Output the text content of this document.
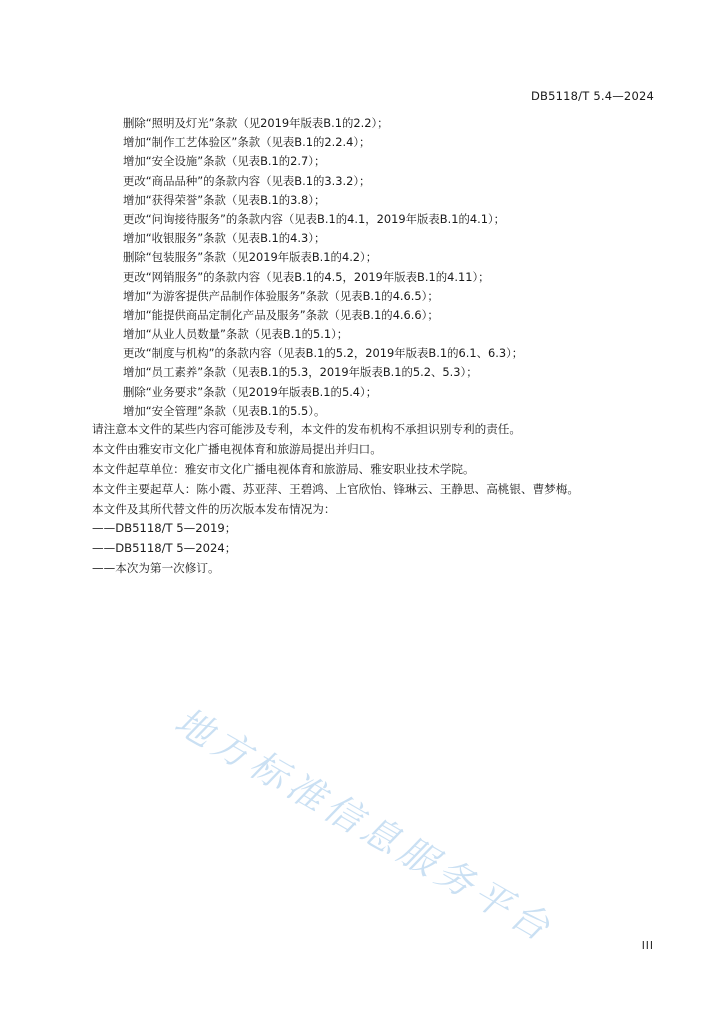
DB5118/T 5.4—2024
删除“照明及灯光”条款（见2019年版表B.1的2.2）；
增加“制作工艺体验区”条款（见表B.1的2.2.4）；
增加“安全设施”条款（见表B.1的2.7）；
更改“商品品种”的条款内容（见表B.1的3.3.2）；
增加“获得荣誉”条款（见表B.1的3.8）；
更改“问询接待服务”的条款内容（见表B.1的4.1，2019年版表B.1的4.1）；
增加“收银服务”条款（见表B.1的4.3）；
删除“包装服务”条款（见2019年版表B.1的4.2）；
更改“网销服务”的条款内容（见表B.1的4.5，2019年版表B.1的4.11）；
增加“为游客提供产品制作体验服务”条款（见表B.1的4.6.5）；
增加“能提供商品定制化产品及服务”条款（见表B.1的4.6.6）；
增加“从业人员数量”条款（见表B.1的5.1）；
更改“制度与机构”的条款内容（见表B.1的5.2，2019年版表B.1的6.1、6.3）；
增加“员工素养”条款（见表B.1的5.3，2019年版表B.1的5.2、5.3）；
删除“业务要求”条款（见2019年版表B.1的5.4）；
增加“安全管理”条款（见表B.1的5.5）。
请注意本文件的某些内容可能涉及专利，本文件的发布机构不承担识别专利的责任。
本文件由雅安市文化广播电视体育和旅游局提出并归口。
本文件起草单位：雅安市文化广播电视体育和旅游局、雅安职业技术学院。
本文件主要起草人：陈小霞、苏亚萍、王碧鸿、上官欣怡、锋琳云、王静思、高桃银、曹梦梅。
本文件及其所代替文件的历次版本发布情况为：
——DB5118/T 5—2019；
——DB5118/T 5—2024；
——本次为第一次修订。
地方标准信息服务平台	III
